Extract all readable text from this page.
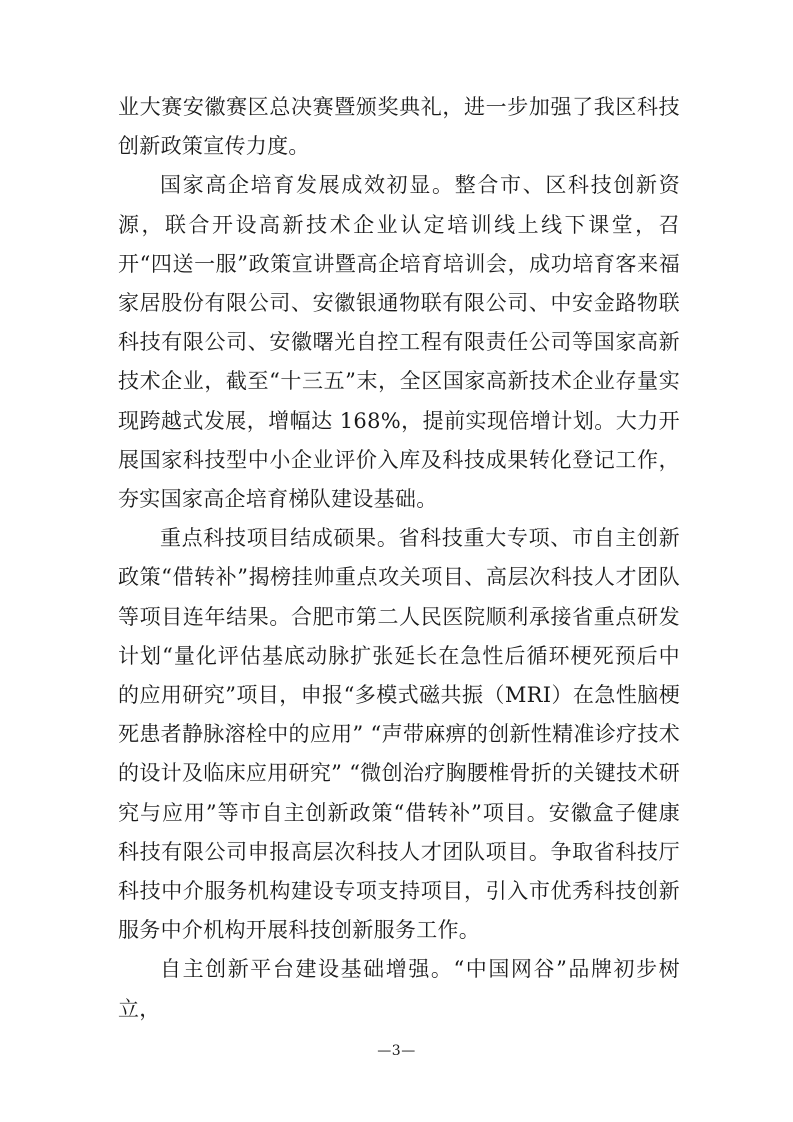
业大赛安徽赛区总决赛暨颁奖典礼，进一步加强了我区科技创新政策宣传力度。

国家高企培育发展成效初显。整合市、区科技创新资源，联合开设高新技术企业认定培训线上线下课堂，召开“四送一服”政策宣讲暨高企培育培训会，成功培育客来福家居股份有限公司、安徽银通物联有限公司、中安金路物联科技有限公司、安徽曙光自控工程有限责任公司等国家高新技术企业，截至“十三五”末，全区国家高新技术企业存量实现跨越式发展，增幅达 168%，提前实现倍增计划。大力开展国家科技型中小企业评价入库及科技成果转化登记工作，夯实国家高企培育梯队建设基础。

重点科技项目结成硕果。省科技重大专项、市自主创新政策“借转补”揭榜挂帅重点攻关项目、高层次科技人才团队等项目连年结果。合肥市第二人民医院顺利承接省重点研发计划“量化评估基底动脉扩张延长在急性后循环梗死预后中的应用研究”项目，申报“多模式磁共振（MRI）在急性脑梗死患者静脉溶栓中的应用” “声带麻痹的创新性精准诊疗技术的设计及临床应用研究” “微创治疗胸腰椎骨折的关键技术研究与应用”等市自主创新政策“借转补”项目。安徽盒子健康科技有限公司申报高层次科技人才团队项目。争取省科技厅科技中介服务机构建设专项支持项目，引入市优秀科技创新服务中介机构开展科技创新服务工作。

自主创新平台建设基础增强。“中国网谷”品牌初步树立，

—3—
